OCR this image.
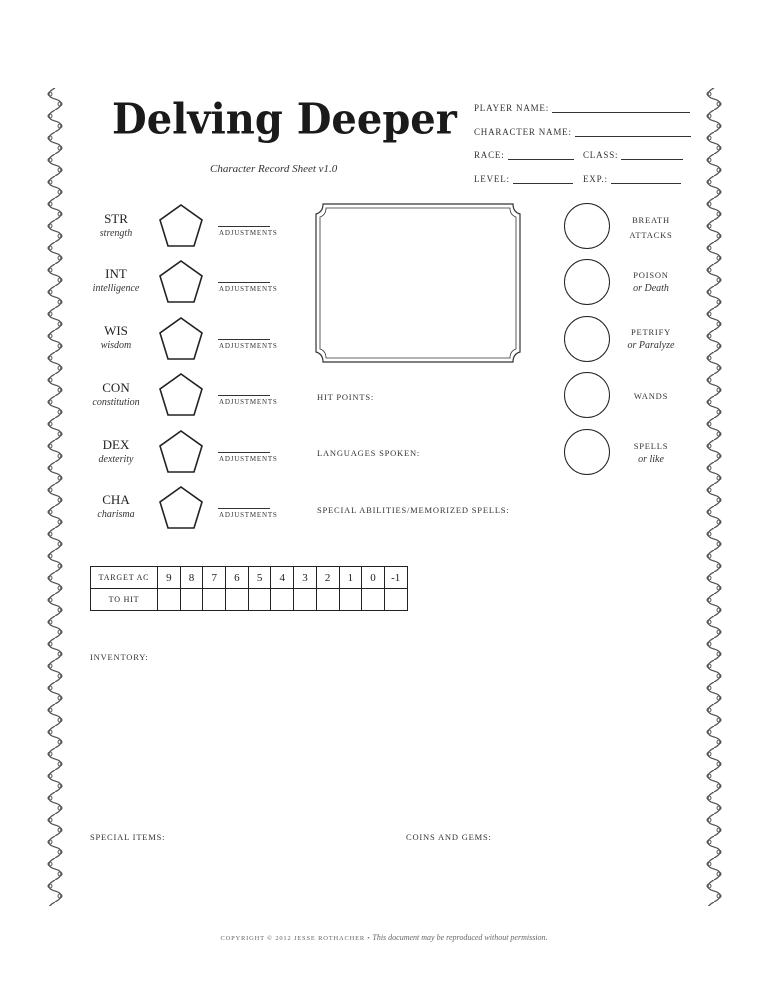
Delving Deeper
Character Record Sheet v1.0
PLAYER NAME:
CHARACTER NAME:
RACE:	CLASS:
LEVEL:	EXP.:
STR
strength	ADJUSTMENTS
INT
intelligence	ADJUSTMENTS
WIS
wisdom	ADJUSTMENTS
CON
constitution	ADJUSTMENTS
DEX
dexterity	ADJUSTMENTS
CHA
charisma	ADJUSTMENTS
HIT POINTS:
LANGUAGES SPOKEN:
SPECIAL ABILITIES/MEMORIZED SPELLS:
BREATH
ATTACKS
POISON
or Death
PETRIFY
or Paralyze
WANDS
SPELLS
or like
TARGET AC	9	8	7	6	5	4	3	2	1	0	-1
TO HIT											
INVENTORY:
SPECIAL ITEMS:	COINS AND GEMS:
COPYRIGHT © 2012 JESSE ROTHACHER • This document may be reproduced without permission.
